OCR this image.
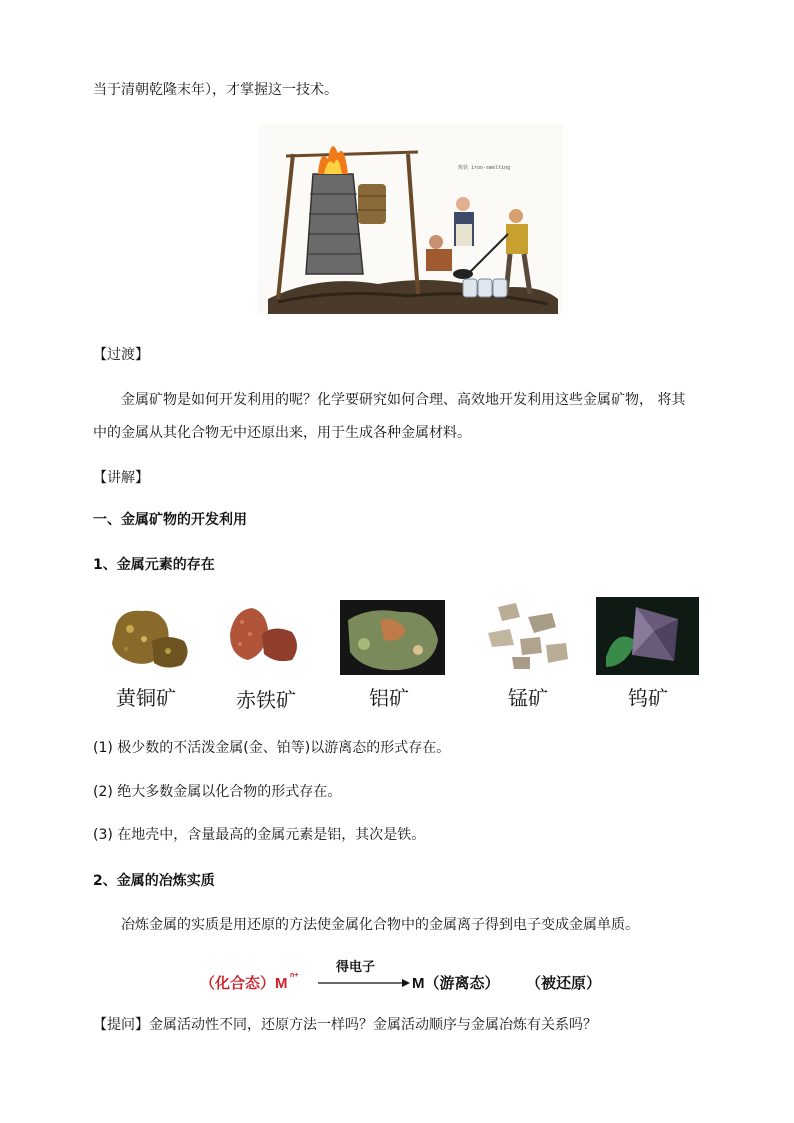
当于清朝乾隆末年），才掌握这一技术。
炼铁 iron-smelting
【过渡】
金属矿物是如何开发利用的呢？化学要研究如何合理、高效地开发利用这些金属矿物， 将其
中的金属从其化合物无中还原出来，用于生成各种金属材料。
【讲解】
一、金属矿物的开发利用
1、金属元素的存在
黄铜矿	赤铁矿	铝矿	锰矿	钨矿
(1) 极少数的不活泼金属(金、铂等)以游离态的形式存在。
(2) 绝大多数金属以化合物的形式存在。
(3) 在地壳中，含量最高的金属元素是铝，其次是铁。
2、金属的冶炼实质
冶炼金属的实质是用还原的方法使金属化合物中的金属离子得到电子变成金属单质。
（化合态）M n+
得电子
M（游离态） （被还原）
【提问】金属活动性不同，还原方法一样吗？金属活动顺序与金属冶炼有关系吗？
